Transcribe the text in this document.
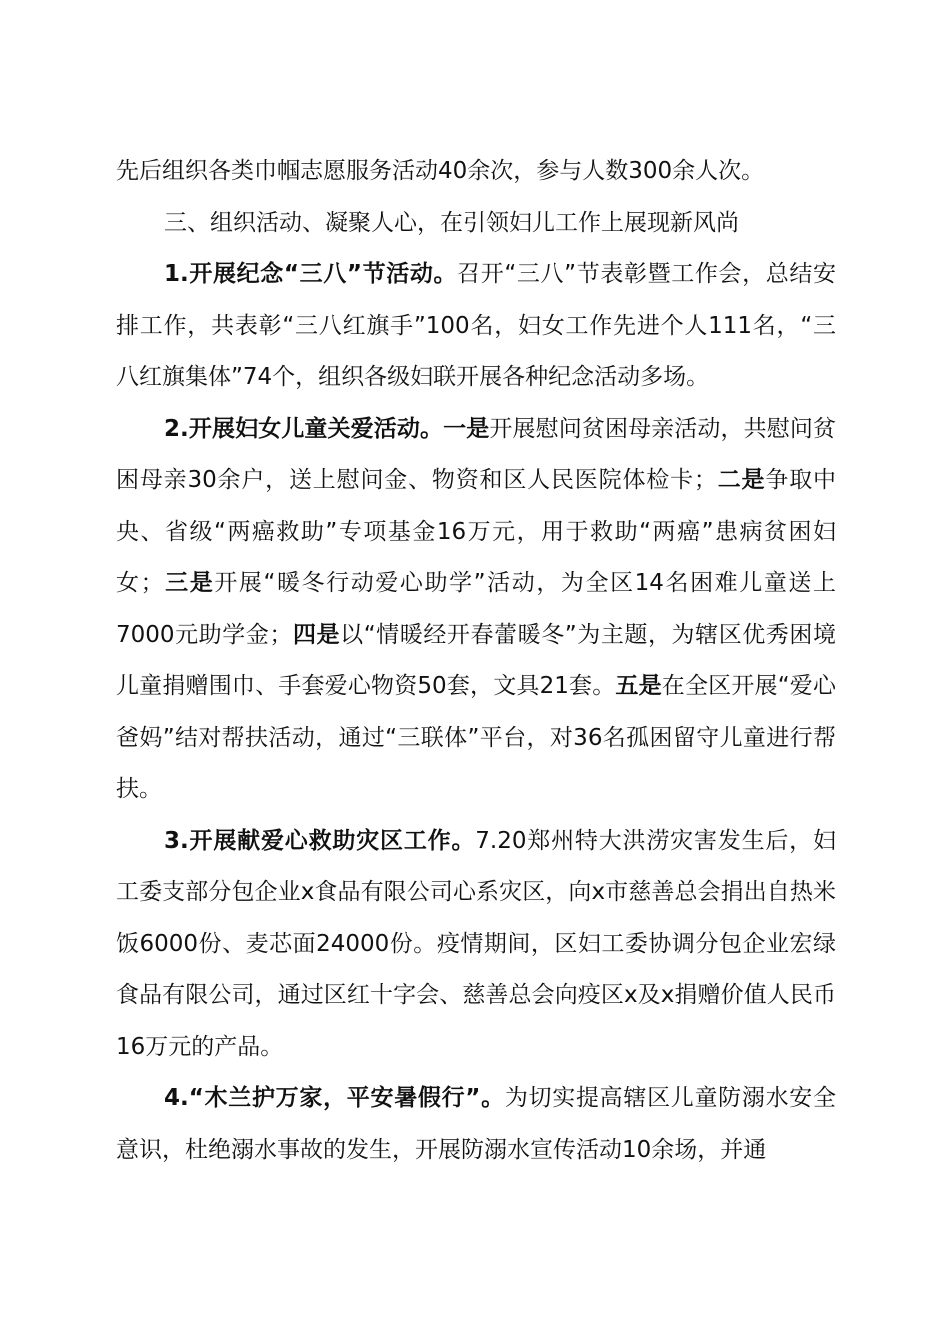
先后组织各类巾帼志愿服务活动40余次，参与人数300余人次。

三、组织活动、凝聚人心，在引领妇儿工作上展现新风尚

1.开展纪念“三八”节活动。召开“三八”节表彰暨工作会，总结安排工作，共表彰“三八红旗手”100名，妇女工作先进个人111名，“三八红旗集体”74个，组织各级妇联开展各种纪念活动多场。

2.开展妇女儿童关爱活动。一是开展慰问贫困母亲活动，共慰问贫困母亲30余户，送上慰问金、物资和区人民医院体检卡；二是争取中央、省级“两癌救助”专项基金16万元，用于救助“两癌”患病贫困妇女；三是开展“暖冬行动爱心助学”活动，为全区14名困难儿童送上7000元助学金；四是以“情暖经开春蕾暖冬”为主题，为辖区优秀困境儿童捐赠围巾、手套爱心物资50套，文具21套。五是在全区开展“爱心爸妈”结对帮扶活动，通过“三联体”平台，对36名孤困留守儿童进行帮扶。

3.开展献爱心救助灾区工作。7.20郑州特大洪涝灾害发生后，妇工委支部分包企业x食品有限公司心系灾区，向x市慈善总会捐出自热米饭6000份、麦芯面24000份。疫情期间，区妇工委协调分包企业宏绿食品有限公司，通过区红十字会、慈善总会向疫区x及x捐赠价值人民币16万元的产品。

4.“木兰护万家，平安暑假行”。为切实提高辖区儿童防溺水安全意识，杜绝溺水事故的发生，开展防溺水宣传活动10余场，并通
